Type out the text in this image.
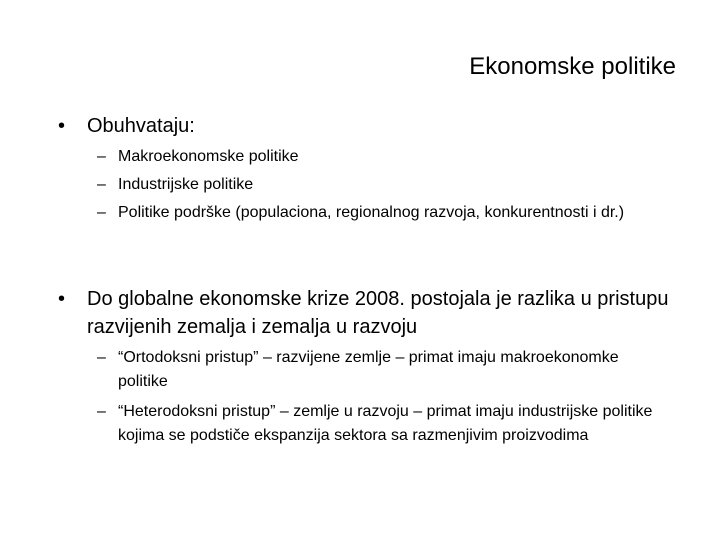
Ekonomske politike
• Obuhvataju:
– Makroekonomske politike
– Industrijske politike
– Politike podrške (populaciona, regionalnog razvoja, konkurentnosti i dr.)
• Do globalne ekonomske krize 2008. postojala je razlika u pristupu razvijenih zemalja i zemalja u razvoju
– “Ortodoksni pristup” – razvijene zemlje – primat imaju makroekonomke politike
– “Heterodoksni pristup” – zemlje u razvoju – primat imaju industrijske politike kojima se podstiče ekspanzija sektora sa razmenjivim proizvodima
